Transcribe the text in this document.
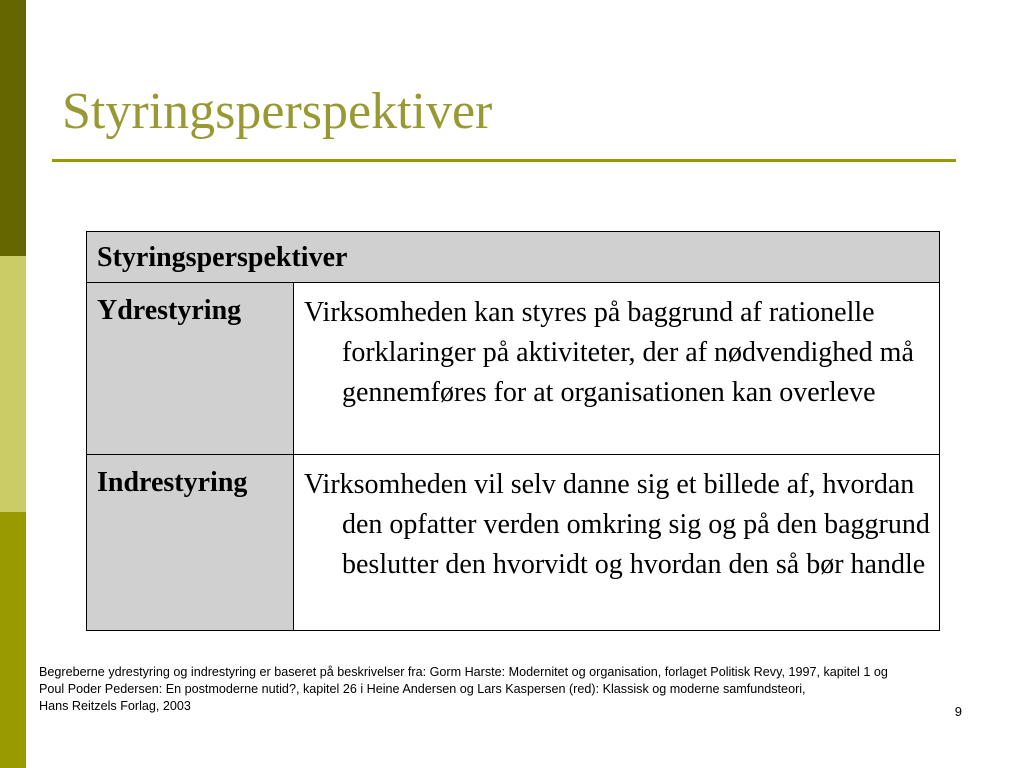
Styringsperspektiver
Styringsperspektiver	
Ydrestyring	Virksomheden kan styres på baggrund af rationelle forklaringer på aktiviteter, der af nødvendighed må gennemføres for at organisationen kan overleve

Indrestyring	Virksomheden vil selv danne sig et billede af, hvordan den opfatter verden omkring sig og på den baggrund beslutter den hvorvidt og hvordan den så bør handle
Begreberne ydrestyring og indrestyring er baseret på beskrivelser fra: Gorm Harste: Modernitet og organisation, forlaget Politisk Revy, 1997, kapitel 1 og
Poul Poder Pedersen: En postmoderne nutid?, kapitel 26 i Heine Andersen og Lars Kaspersen (red): Klassisk og moderne samfundsteori,
Hans Reitzels Forlag, 2003	9
